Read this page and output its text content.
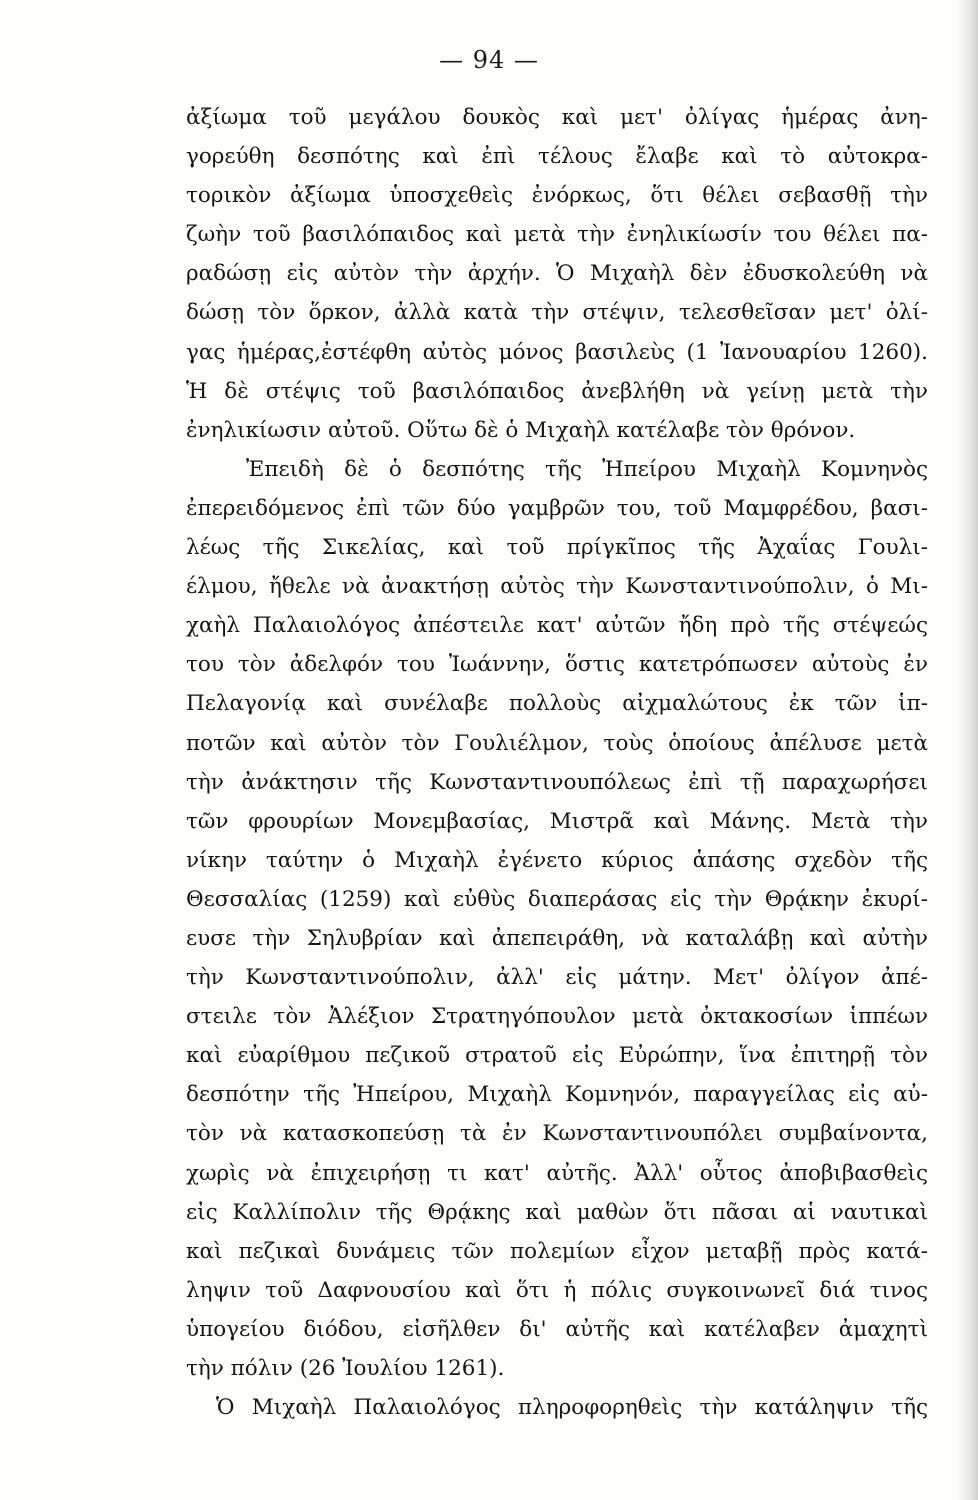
— 94 —
ἀξίωμα τοῦ μεγάλου δουκὸς καὶ μετ' ὀλίγας ἡμέρας ἀνη-
γορεύθη δεσπότης καὶ ἐπὶ τέλους ἔλαβε καὶ τὸ αὐτοκρα-
τορικὸν ἀξίωμα ὑποσχεθεὶς ἐνόρκως, ὅτι θέλει σεβασθῇ τὴν
ζωὴν τοῦ βασιλόπαιδος καὶ μετὰ τὴν ἐνηλικίωσίν του θέλει πα-
ραδώσῃ εἰς αὐτὸν τὴν ἀρχήν. Ὁ Μιχαὴλ δὲν ἐδυσκολεύθη νὰ
δώσῃ τὸν ὅρκον, ἀλλὰ κατὰ τὴν στέψιν, τελεσθεῖσαν μετ' ὀλί-
γας ἡμέρας,ἐστέφθη αὐτὸς μόνος βασιλεὺς (1 Ἰανουαρίου 1260).
Ἡ δὲ στέψις τοῦ βασιλόπαιδος ἀνεβλήθη νὰ γείνῃ μετὰ τὴν
ἐνηλικίωσιν αὐτοῦ. Οὕτω δὲ ὁ Μιχαὴλ κατέλαβε τὸν θρόνον.
Ἐπειδὴ δὲ ὁ δεσπότης τῆς Ἠπείρου Μιχαὴλ Κομνηνὸς
ἐπερειδόμενος ἐπὶ τῶν δύο γαμβρῶν του, τοῦ Μαμφρέδου, βασι-
λέως τῆς Σικελίας, καὶ τοῦ πρίγκῖπος τῆς Ἀχαΐας Γουλι-
έλμου, ἤθελε νὰ ἀνακτήσῃ αὐτὸς τὴν Κωνσταντινούπολιν, ὁ Μι-
χαὴλ Παλαιολόγος ἀπέστειλε κατ' αὐτῶν ἤδη πρὸ τῆς στέψεώς
του τὸν ἀδελφόν του Ἰωάννην, ὅστις κατετρόπωσεν αὐτοὺς ἐν
Πελαγονίᾳ καὶ συνέλαβε πολλοὺς αἰχμαλώτους ἐκ τῶν ἱπ-
ποτῶν καὶ αὐτὸν τὸν Γουλιέλμον, τοὺς ὁποίους ἀπέλυσε μετὰ
τὴν ἀνάκτησιν τῆς Κωνσταντινουπόλεως ἐπὶ τῇ παραχωρήσει
τῶν φρουρίων Μονεμβασίας, Μιστρᾶ καὶ Μάνης. Μετὰ τὴν
νίκην ταύτην ὁ Μιχαὴλ ἐγένετο κύριος ἁπάσης σχεδὸν τῆς
Θεσσαλίας (1259) καὶ εὐθὺς διαπεράσας εἰς τὴν Θρᾴκην ἐκυρί-
ευσε τὴν Σηλυβρίαν καὶ ἀπεπειράθη, νὰ καταλάβῃ καὶ αὐτὴν
τὴν Κωνσταντινούπολιν, ἀλλ' εἰς μάτην. Μετ' ὀλίγον ἀπέ-
στειλε τὸν Ἀλέξιον Στρατηγόπουλον μετὰ ὀκτακοσίων ἱππέων
καὶ εὐαρίθμου πεζικοῦ στρατοῦ εἰς Εὐρώπην, ἵνα ἐπιτηρῇ τὸν
δεσπότην τῆς Ἠπείρου, Μιχαὴλ Κομνηνόν, παραγγείλας εἰς αὐ-
τὸν νὰ κατασκοπεύσῃ τὰ ἐν Κωνσταντινουπόλει συμβαίνοντα,
χωρὶς νὰ ἐπιχειρήσῃ τι κατ' αὐτῆς. Ἀλλ' οὗτος ἀποβιβασθεὶς
εἰς Καλλίπολιν τῆς Θρᾴκης καὶ μαθὼν ὅτι πᾶσαι αἱ ναυτικαὶ
καὶ πεζικαὶ δυνάμεις τῶν πολεμίων εἶχον μεταβῇ πρὸς κατά-
ληψιν τοῦ Δαφνουσίου καὶ ὅτι ἡ πόλις συγκοινωνεῖ διά τινος
ὑπογείου διόδου, εἰσῆλθεν δι' αὐτῆς καὶ κατέλαβεν ἀμαχητὶ
τὴν πόλιν (26 Ἰουλίου 1261).
Ὁ Μιχαὴλ Παλαιολόγος πληροφορηθεὶς τὴν κατάληψιν τῆς
